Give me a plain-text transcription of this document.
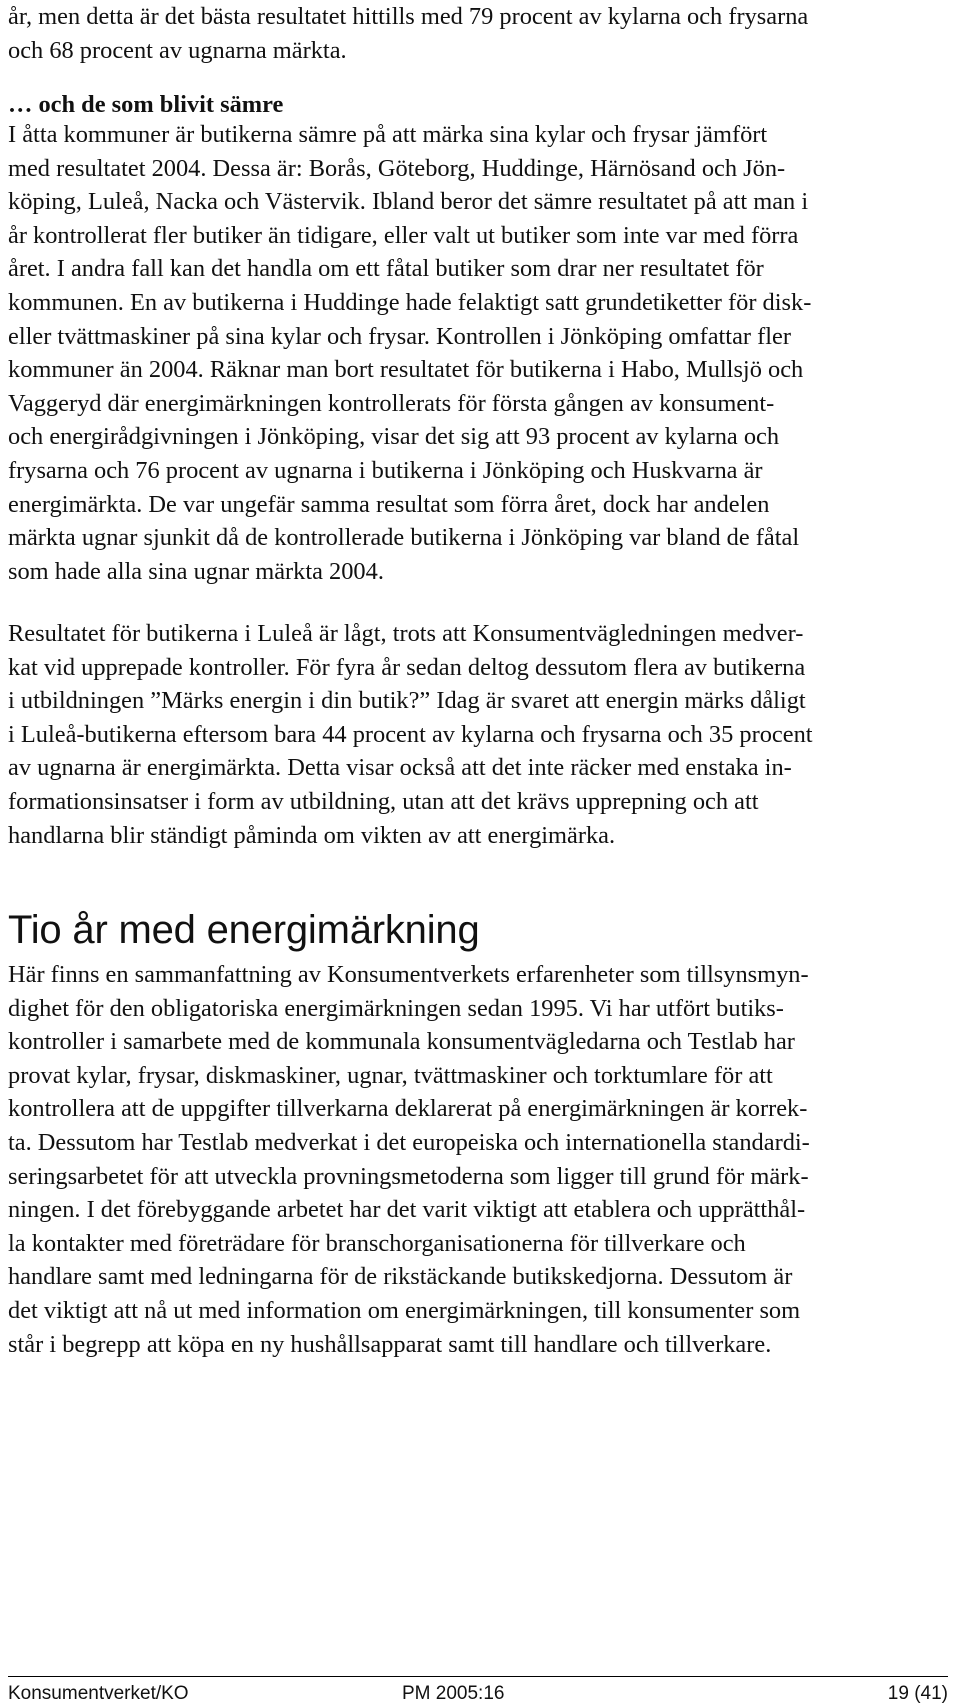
år, men detta är det bästa resultatet hittills med 79 procent av kylarna och frysarna
och 68 procent av ugnarna märkta.

… och de som blivit sämre

I åtta kommuner är butikerna sämre på att märka sina kylar och frysar jämfört
med resultatet 2004. Dessa är: Borås, Göteborg, Huddinge, Härnösand och Jön-
köping, Luleå, Nacka och Västervik. Ibland beror det sämre resultatet på att man i
år kontrollerat fler butiker än tidigare, eller valt ut butiker som inte var med förra
året. I andra fall kan det handla om ett fåtal butiker som drar ner resultatet för
kommunen. En av butikerna i Huddinge hade felaktigt satt grundetiketter för disk-
eller tvättmaskiner på sina kylar och frysar. Kontrollen i Jönköping omfattar fler
kommuner än 2004. Räknar man bort resultatet för butikerna i Habo, Mullsjö och
Vaggeryd där energimärkningen kontrollerats för första gången av konsument-
och energirådgivningen i Jönköping, visar det sig att 93 procent av kylarna och
frysarna och 76 procent av ugnarna i butikerna i Jönköping och Huskvarna är
energimärkta. De var ungefär samma resultat som förra året, dock har andelen
märkta ugnar sjunkit då de kontrollerade butikerna i Jönköping var bland de fåtal
som hade alla sina ugnar märkta 2004.

Resultatet för butikerna i Luleå är lågt, trots att Konsumentvägledningen medver-
kat vid upprepade kontroller. För fyra år sedan deltog dessutom flera av butikerna
i utbildningen ”Märks energin i din butik?” Idag är svaret att energin märks dåligt
i Luleå-butikerna eftersom bara 44 procent av kylarna och frysarna och 35 procent
av ugnarna är energimärkta. Detta visar också att det inte räcker med enstaka in-
formationsinsatser i form av utbildning, utan att det krävs upprepning och att
handlarna blir ständigt påminda om vikten av att energimärka.

Tio år med energimärkning

Här finns en sammanfattning av Konsumentverkets erfarenheter som tillsynsmyn-
dighet för den obligatoriska energimärkningen sedan 1995. Vi har utfört butiks-
kontroller i samarbete med de kommunala konsumentvägledarna och Testlab har
provat kylar, frysar, diskmaskiner, ugnar, tvättmaskiner och torktumlare för att
kontrollera att de uppgifter tillverkarna deklarerat på energimärkningen är korrek-
ta. Dessutom har Testlab medverkat i det europeiska och internationella standardi-
seringsarbetet för att utveckla provningsmetoderna som ligger till grund för märk-
ningen. I det förebyggande arbetet har det varit viktigt att etablera och upprätthål-
la kontakter med företrädare för branschorganisationerna för tillverkare och
handlare samt med ledningarna för de rikstäckande butikskedjorna. Dessutom är
det viktigt att nå ut med information om energimärkningen, till konsumenter som
står i begrepp att köpa en ny hushållsapparat samt till handlare och tillverkare.

Konsumentverket/KO	PM 2005:16	19 (41)
